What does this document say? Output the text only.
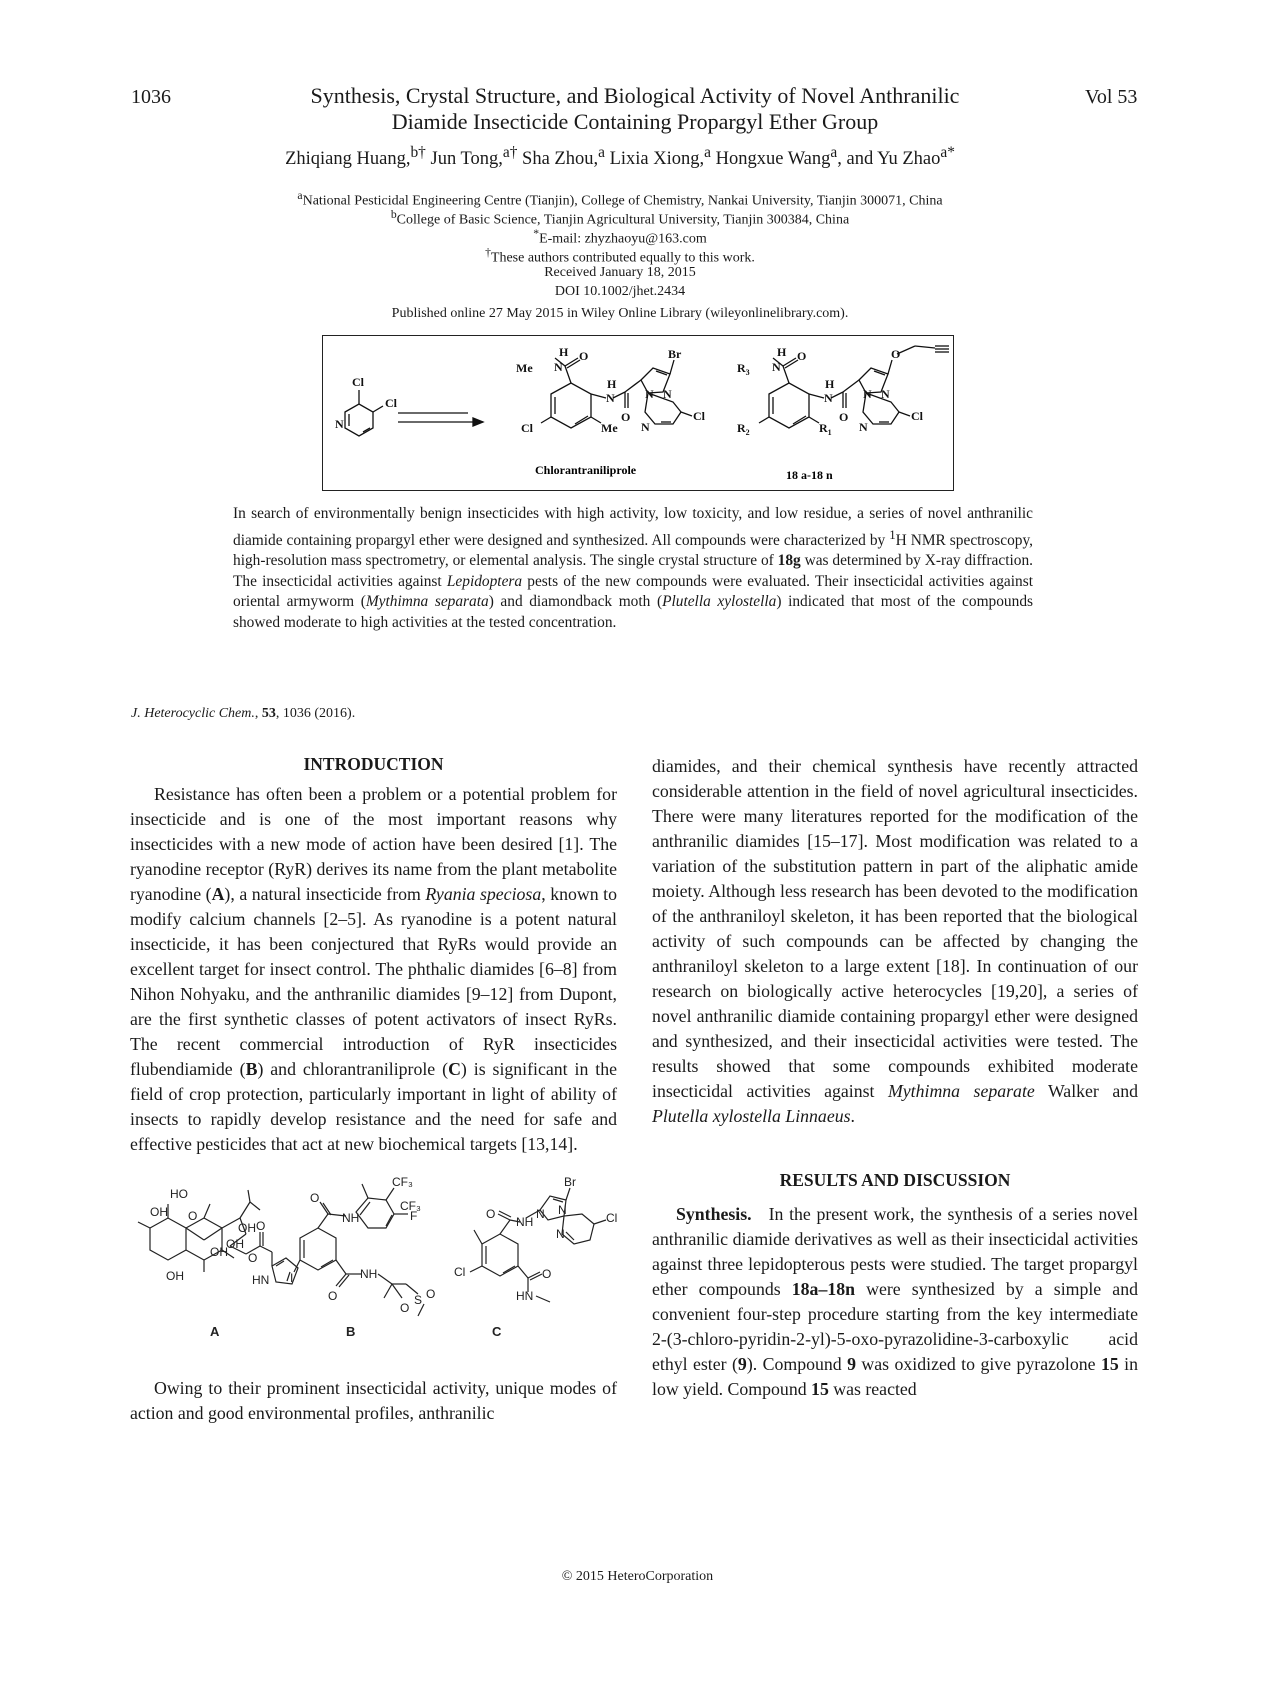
1036	Synthesis, Crystal Structure, and Biological Activity of Novel Anthranilic
Diamide Insecticide Containing Propargyl Ether Group
Vol 53
Zhiqiang Huang,$^{b\dagger}$ Jun Tong,$^{a\dagger}$ Sha Zhou,$^a$ Lixia Xiong,$^a$ Hongxue Wang$^a$, and Yu Zhao$^{a*}$
$^a$National Pesticidal Engineering Centre (Tianjin), College of Chemistry, Nankai University, Tianjin 300071, China
$^b$College of Basic Science, Tianjin Agricultural University, Tianjin 300384, China
*E-mail: zhyzhaoyu@163.com
†These authors contributed equally to this work.
Received January 18, 2015
DOI 10.1002/jhet.2434
Published online 27 May 2015 in Wiley Online Library (wileyonlinelibrary.com).
Cl
Cl
N
H
Me N
O
H
N
O
Br
N
N
N
Cl
Cl	Me
H
$R_3$ N
O
H
N
O
O
N
N
N
Cl
$R_2$	$R_1$
Chlorantraniliprole	18 a-18 n
In search of environmentally benign insecticides with high activity, low toxicity, and low residue, a series of novel anthranilic diamide containing propargyl ether were designed and synthesized. All compounds were characterized by $^1$H NMR spectroscopy, high-resolution mass spectrometry, or elemental analysis. The single crystal structure of 18g was determined by X-ray diffraction. The insecticidal activities against Lepidoptera pests of the new compounds were evaluated. Their insecticidal activities against oriental armyworm (Mythimna separata) and diamondback moth (Plutella xylostella) indicated that most of the compounds showed moderate to high activities at the tested concentration.
J. Heterocyclic Chem., 53, 1036 (2016).
INTRODUCTION

Resistance has often been a problem or a potential problem for insecticide and is one of the most important reasons why insecticides with a new mode of action have been desired [1]. The ryanodine receptor (RyR) derives its name from the plant metabolite ryanodine (A), a natural insecticide from Ryania speciosa, known to modify calcium channels [2–5]. As ryanodine is a potent natural insecticide, it has been conjectured that RyRs would provide an excellent target for insect control. The phthalic diamides [6–8] from Nihon Nohyaku, and the anthranilic diamides [9–12] from Dupont, are the first synthetic classes of potent activators of insect RyRs. The recent commercial introduction of RyR insecticides flubendiamide (B) and chlorantraniliprole (C) is significant in the field of crop protection, particularly important in light of ability of insects to rapidly develop resistance and the need for safe and effective pesticides that act at new biochemical targets [13,14].

HO
OH O
OH
OH
OH
OH
O
O
HN
O
NH
CF₃
CF₃
F
NH
O	S O
O
I
O
NH
O
HN
Cl
Br
N
N
N
Cl
A	B	C

Owing to their prominent insecticidal activity, unique modes of action and good environmental profiles, anthranilic

diamides, and their chemical synthesis have recently attracted considerable attention in the field of novel agricultural insecticides. There were many literatures reported for the modification of the anthranilic diamides [15–17]. Most modification was related to a variation of the substitution pattern in part of the aliphatic amide moiety. Although less research has been devoted to the modification of the anthraniloyl skeleton, it has been reported that the biological activity of such compounds can be affected by changing the anthraniloyl skeleton to a large extent [18]. In continuation of our research on biologically active heterocycles [19,20], a series of novel anthranilic diamide containing propargyl ether were designed and synthesized, and their insecticidal activities were tested. The results showed that some compounds exhibited moderate insecticidal activities against Mythimna separate Walker and Plutella xylostella Linnaeus.

RESULTS AND DISCUSSION

Synthesis. In the present work, the synthesis of a series novel anthranilic diamide derivatives as well as their insecticidal activities against three lepidopterous pests were studied. The target propargyl ether compounds 18a–18n were synthesized by a simple and convenient four-step procedure starting from the key intermediate 2-(3-chloro-pyridin-2-yl)-5-oxo-pyrazolidine-3-carboxylic acid ethyl ester (9). Compound 9 was oxidized to give pyrazolone 15 in low yield. Compound 15 was reacted

© 2015 HeteroCorporation
